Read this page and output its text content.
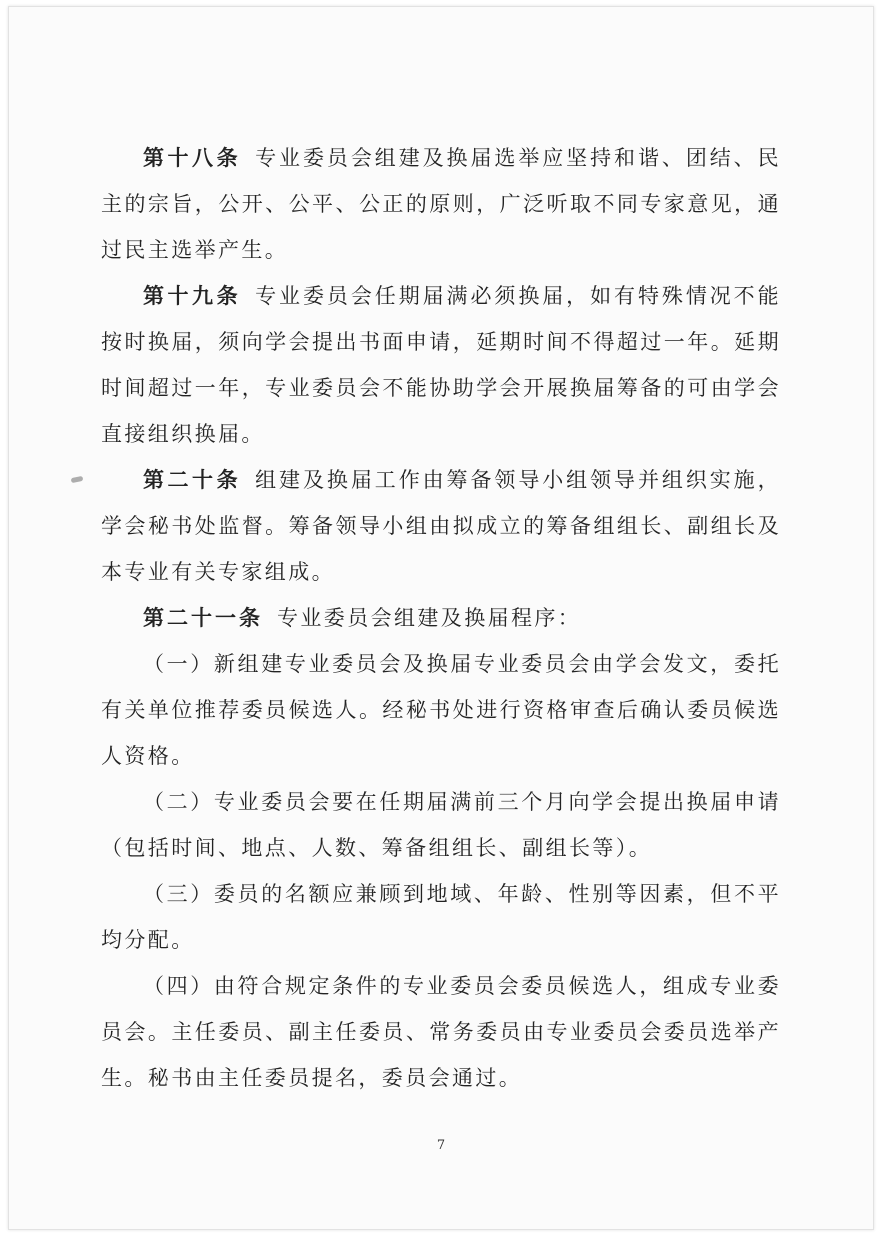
第十八条 专业委员会组建及换届选举应坚持和谐、团结、民主的宗旨，公开、公平、公正的原则，广泛听取不同专家意见，通过民主选举产生。

第十九条 专业委员会任期届满必须换届，如有特殊情况不能按时换届，须向学会提出书面申请，延期时间不得超过一年。延期时间超过一年，专业委员会不能协助学会开展换届筹备的可由学会直接组织换届。

第二十条 组建及换届工作由筹备领导小组领导并组织实施，学会秘书处监督。筹备领导小组由拟成立的筹备组组长、副组长及本专业有关专家组成。

第二十一条 专业委员会组建及换届程序：

（一）新组建专业委员会及换届专业委员会由学会发文，委托有关单位推荐委员候选人。经秘书处进行资格审查后确认委员候选人资格。

（二）专业委员会要在任期届满前三个月向学会提出换届申请（包括时间、地点、人数、筹备组组长、副组长等）。

（三）委员的名额应兼顾到地域、年龄、性别等因素，但不平均分配。

（四）由符合规定条件的专业委员会委员候选人，组成专业委员会。主任委员、副主任委员、常务委员由专业委员会委员选举产生。秘书由主任委员提名，委员会通过。

7
